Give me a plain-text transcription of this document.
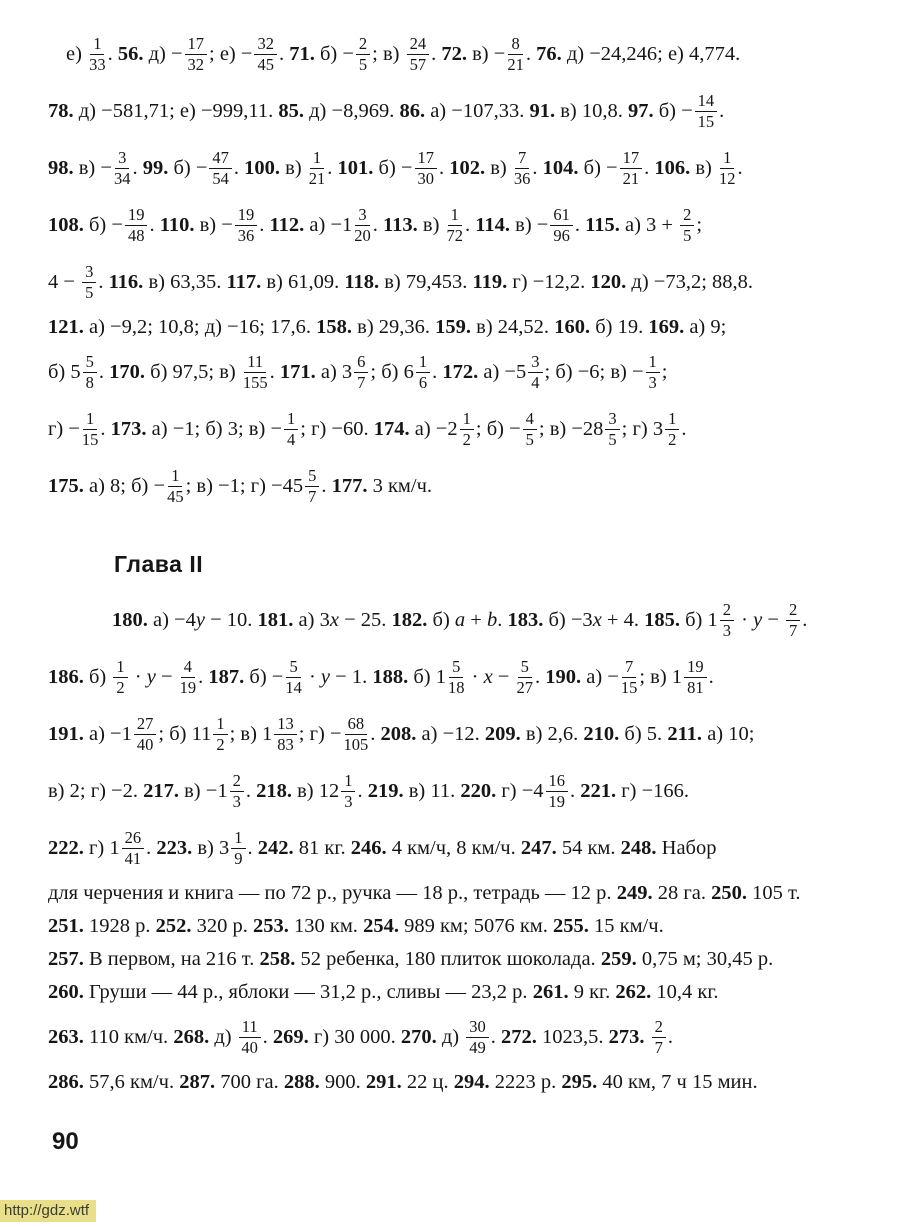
$е) \frac{1}{33}$ . 56. $д) - \frac{17}{32}$ ; $е) - \frac{32}{45}$ . 71. $б) - \frac{2}{5}$ ; $в) \frac{24}{57}$ . 72. $в) - \frac{8}{21}$ . 76. д) −24,246; е) 4,774.
78. д) −581,71; е) −999,11. 85. д) −8,969. 86. а) −107,33. 91. в) 10,8. 97. $б) - \frac{14}{15}$ .
98. $в) - \frac{3}{34}$ . 99. $б) - \frac{47}{54}$ . 100. $в) \frac{1}{21}$ . 101. $б) - \frac{17}{30}$ . 102. $в) \frac{7}{36}$ . 104. $б) - \frac{17}{21}$ . 106. $в) \frac{1}{12}$ .
108. $б) - \frac{19}{48}$ . 110. $в) - \frac{19}{36}$ . 112. $а) -1 \frac{3}{20}$ . 113. $в) \frac{1}{72}$ . 114. $в) - \frac{61}{96}$ . 115. а) $3 + \frac{2}{5}$ ;
$4 - \frac{3}{5}$ . 116. в) 63,35. 117. в) 61,09. 118. в) 79,453. 119. г) −12,2. 120. д) −73,2; 88,8.
121. а) −9,2; 10,8; д) −16; 17,6. 158. в) 29,36. 159. в) 24,52. 160. б) 19. 169. а) 9;
б) $5 \frac{5}{8}$ . 170. б) 97,5; $в) \frac{11}{155}$ . 171. а) $3 \frac{6}{7}$ ; б) $6 \frac{1}{6}$ . 172. $а) -5 \frac{3}{4}$ ; б) −6; $в) - \frac{1}{3}$ ;
$г) - \frac{1}{15}$ . 173. а) −1; б) 3; $в) - \frac{1}{4}$ ; г) −60. 174. $а) -2 \frac{1}{2}$ ; $б) - \frac{4}{5}$ ; $в) -28 \frac{3}{5}$ ; г) $3 \frac{1}{2}$ .
175. а) 8; $б) - \frac{1}{45}$ ; в) −1; $г) -45 \frac{5}{7}$ . 177. 3 км/ч.
Глава II
180. а) −4 y − 10. 181. а) 3 x − 25. 182. б) a + b . 183. б) −3 x + 4. 185. б) $1 \frac{2}{3} \cdot y - \frac{2}{7}$ .
186. $б) \frac{1}{2} \cdot y - \frac{4}{19}$ . 187. $б) - \frac{5}{14} \cdot y - 1$. 188. б) $1 \frac{5}{18} \cdot x - \frac{5}{27}$ . 190. $а) - \frac{7}{15}$ ; в) $1 \frac{19}{81}$ .
191. $а) -1 \frac{27}{40}$ ; б) $11 \frac{1}{2}$ ; в) $1 \frac{13}{83}$ ; $г) - \frac{68}{105}$ . 208. а) −12. 209. в) 2,6. 210. б) 5. 211. а) 10;
в) 2; г) −2. 217. $в) -1 \frac{2}{3}$ . 218. в) $12 \frac{1}{3}$ . 219. в) 11. 220. $г) -4 \frac{16}{19}$ . 221. г) −166.
222. г) $1 \frac{26}{41}$ . 223. в) $3 \frac{1}{9}$ . 242. 81 кг. 246. 4 км/ч, 8 км/ч. 247. 54 км. 248. Набор
для черчения и книга — по 72 р., ручка — 18 р., тетрадь — 12 р. 249. 28 га. 250. 105 т.
251. 1928 р. 252. 320 р. 253. 130 км. 254. 989 км; 5076 км. 255. 15 км/ч.
257. В первом, на 216 т. 258. 52 ребенка, 180 плиток шоколада. 259. 0,75 м; 30,45 р.
260. Груши — 44 р., яблоки — 31,2 р., сливы — 23,2 р. 261. 9 кг. 262. 10,4 кг.
263. 110 км/ч. 268. $д) \frac{11}{40}$ . 269. г) 30 000. 270. $д) \frac{30}{49}$ . 272. 1023,5. 273.
$\frac{2}{7}$ .
286. 57,6 км/ч. 287. 700 га. 288. 900. 291. 22 ц. 294. 2223 р. 295. 40 км, 7 ч 15 мин.
90
http://gdz.wtf
